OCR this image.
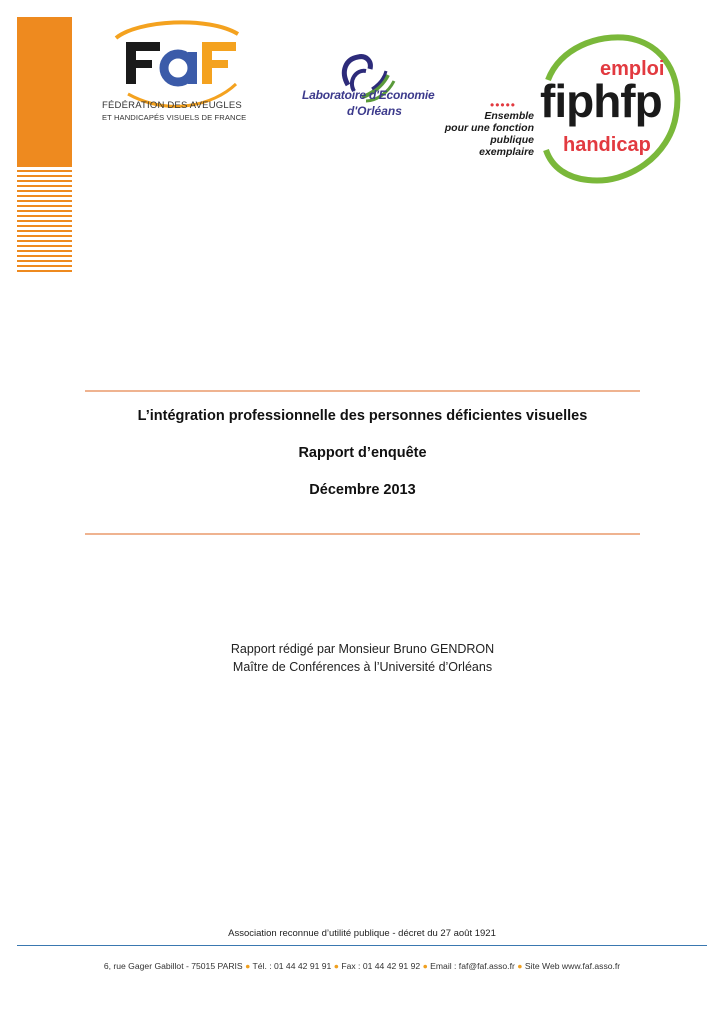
FÉDÉRATION DES AVEUGLES
ET HANDICAPÉS VISUELS DE FRANCE
Laboratoire d'Economie
d'Orléans
emploi
fiphfp
handicap
•••••
Ensemble
pour une fonction
publique exemplaire
L’intégration professionnelle des personnes déficientes visuelles
Rapport d’enquête
Décembre 2013
Rapport rédigé par Monsieur Bruno GENDRON
Maître de Conférences à l’Université d’Orléans
Association reconnue d’utilité publique - décret du 27 août 1921
6, rue Gager Gabillot - 75015 PARIS ● Tél. : 01 44 42 91 91 ● Fax : 01 44 42 91 92 ● Email : faf@faf.asso.fr ● Site Web www.faf.asso.fr
